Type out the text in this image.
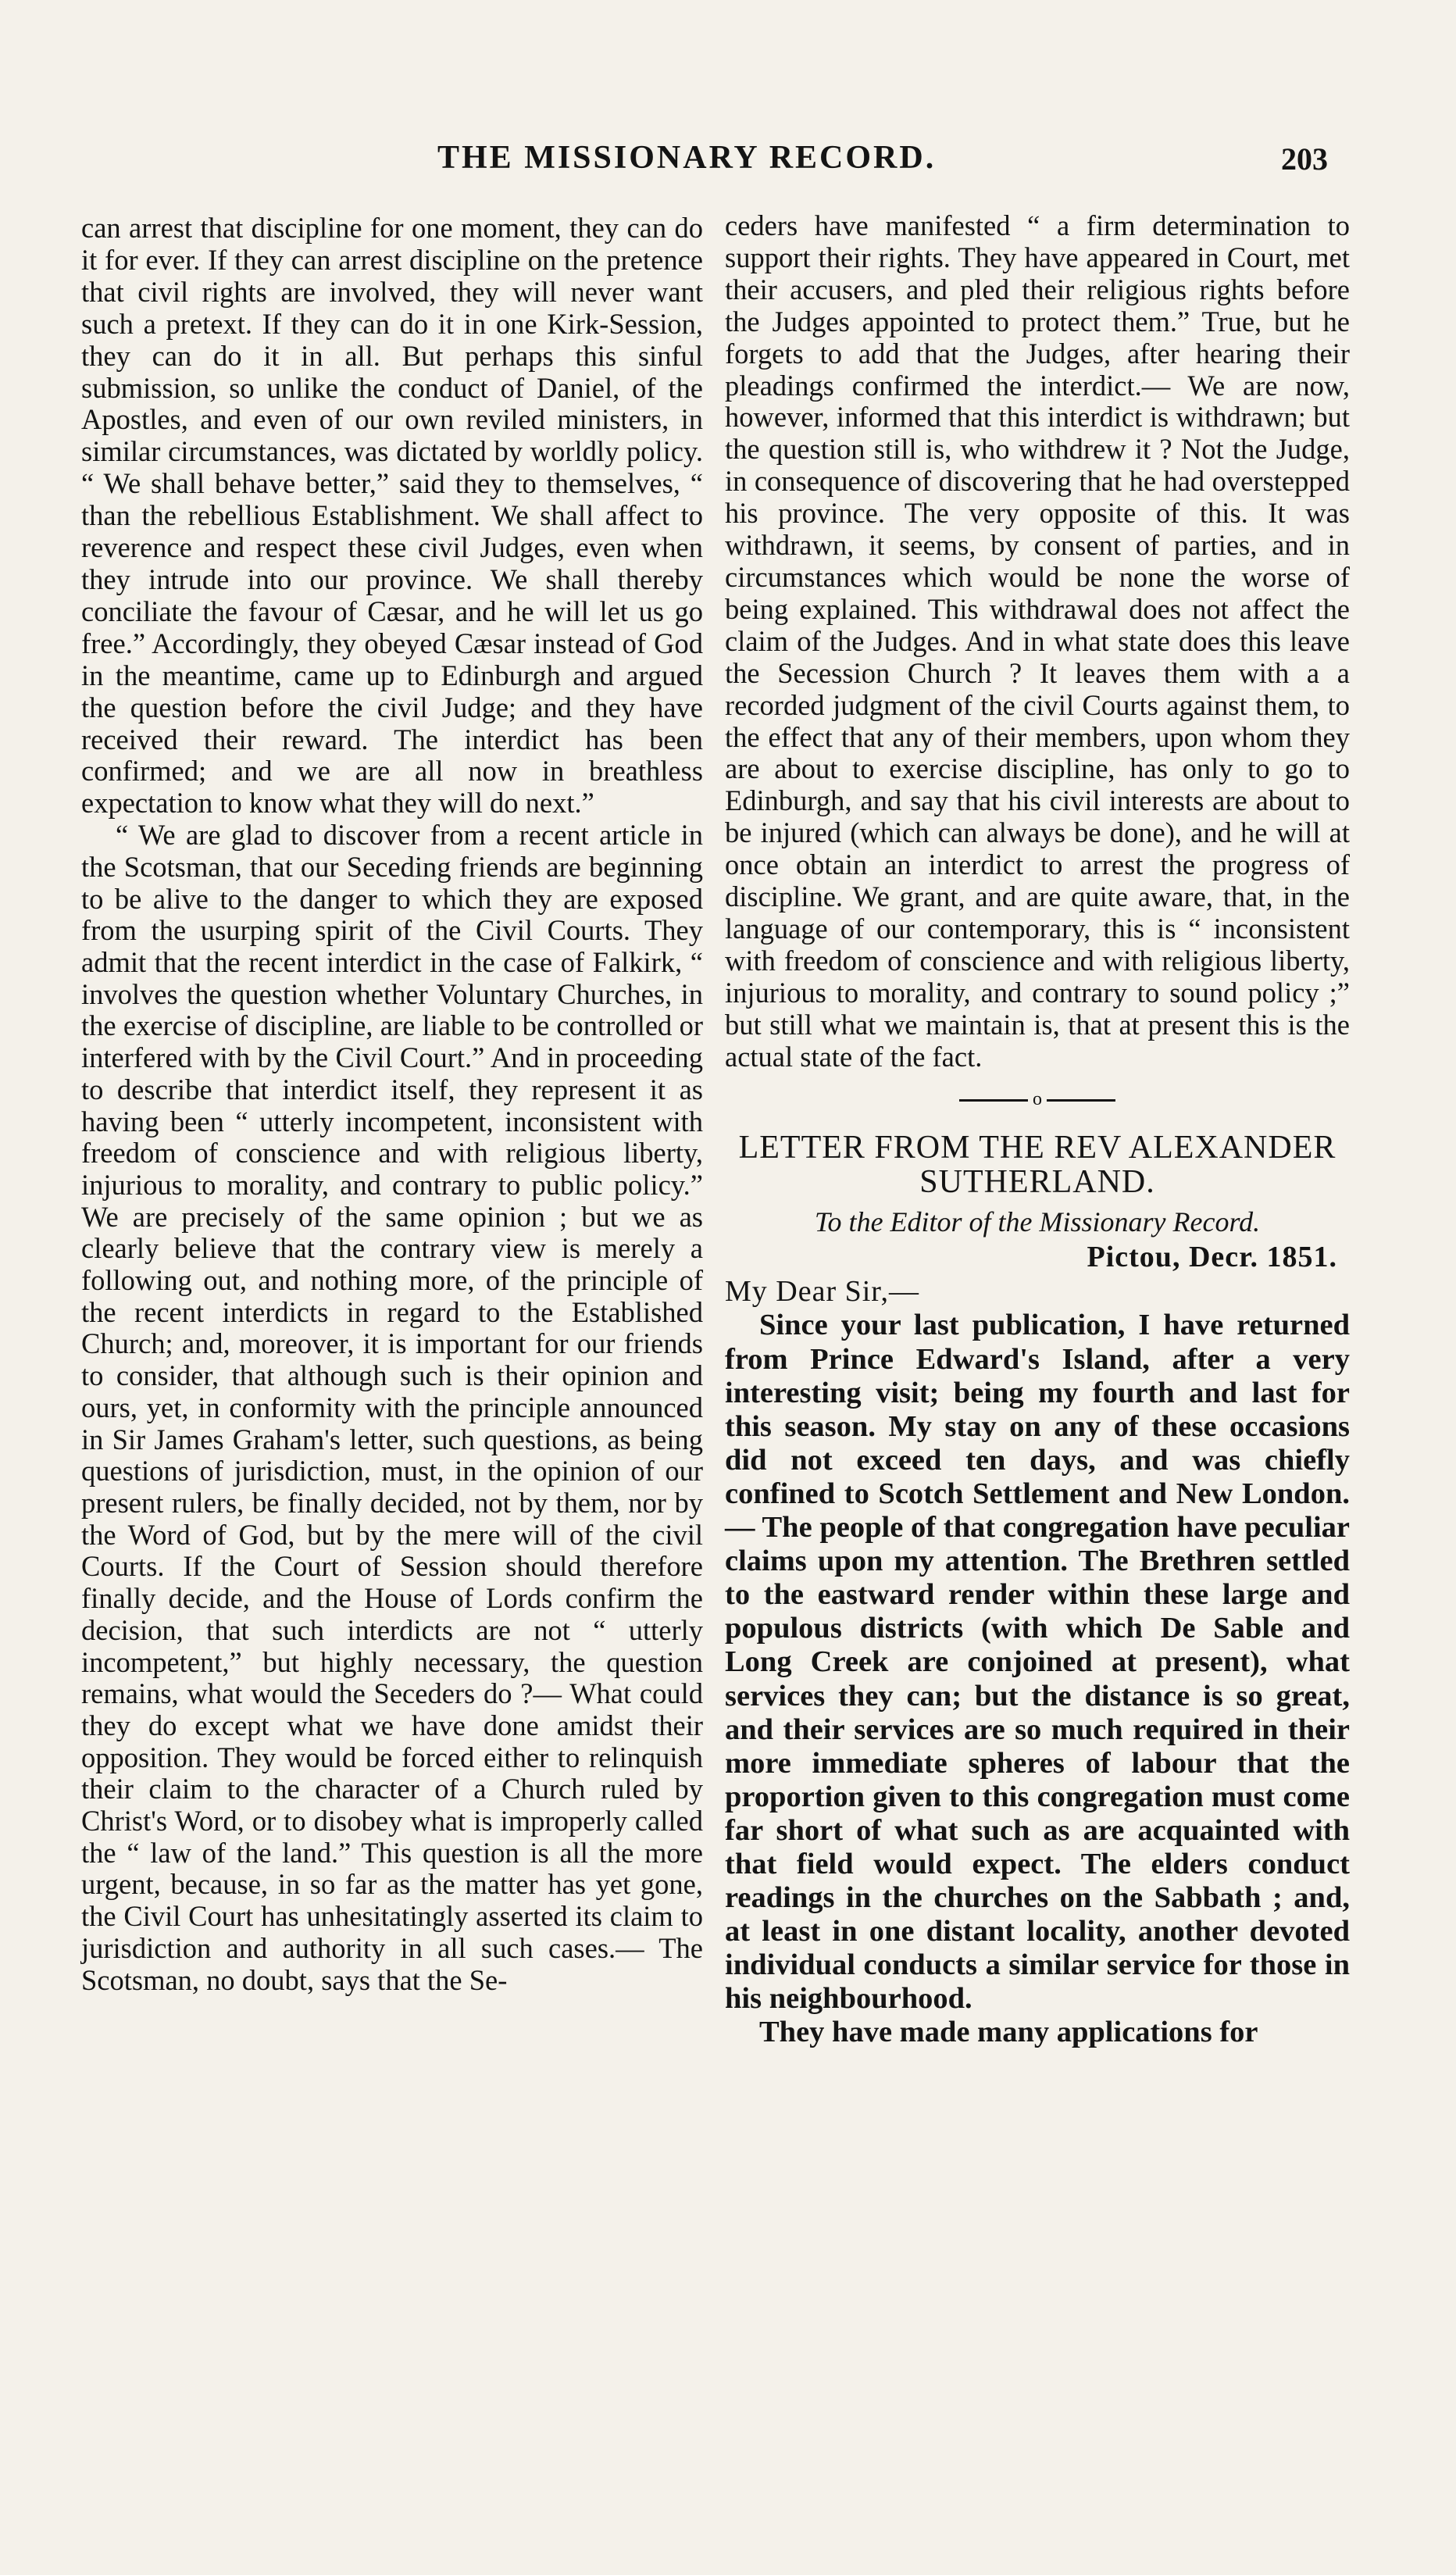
THE MISSIONARY RECORD.	203

can arrest that discipline for one moment, they can do it for ever. If they can arrest discipline on the pretence that civil rights are involved, they will never want such a pretext. If they can do it in one Kirk-Session, they can do it in all. But perhaps this sinful submission, so unlike the conduct of Daniel, of the Apostles, and even of our own reviled ministers, in similar circumstances, was dictated by worldly policy. “ We shall behave better,” said they to themselves, “ than the rebellious Establishment. We shall affect to reverence and respect these civil Judges, even when they intrude into our province. We shall thereby conciliate the favour of Cæsar, and he will let us go free.” Accordingly, they obeyed Cæsar instead of God in the meantime, came up to Edinburgh and argued the question before the civil Judge; and they have received their reward. The interdict has been confirmed; and we are all now in breathless expectation to know what they will do next.”

“ We are glad to discover from a recent article in the Scotsman, that our Seceding friends are beginning to be alive to the danger to which they are exposed from the usurping spirit of the Civil Courts. They admit that the recent interdict in the case of Falkirk, “ involves the question whether Voluntary Churches, in the exercise of discipline, are liable to be controlled or interfered with by the Civil Court.” And in proceeding to describe that interdict itself, they represent it as having been “ utterly incompetent, inconsistent with freedom of conscience and with religious liberty, injurious to morality, and contrary to public policy.” We are precisely of the same opinion ; but we as clearly believe that the contrary view is merely a following out, and nothing more, of the principle of the recent interdicts in regard to the Established Church; and, moreover, it is important for our friends to consider, that although such is their opinion and ours, yet, in conformity with the principle announced in Sir James Graham's letter, such questions, as being questions of jurisdiction, must, in the opinion of our present rulers, be finally decided, not by them, nor by the Word of God, but by the mere will of the civil Courts. If the Court of Session should therefore finally decide, and the House of Lords confirm the decision, that such interdicts are not “ utterly incompetent,” but highly necessary, the question remains, what would the Seceders do ?— What could they do except what we have done amidst their opposition. They would be forced either to relinquish their claim to the character of a Church ruled by Christ's Word, or to disobey what is improperly called the “ law of the land.” This question is all the more urgent, because, in so far as the matter has yet gone, the Civil Court has unhesitatingly asserted its claim to jurisdiction and authority in all such cases.— The Scotsman, no doubt, says that the Se-

ceders have manifested “ a firm determination to support their rights. They have appeared in Court, met their accusers, and pled their religious rights before the Judges appointed to protect them.” True, but he forgets to add that the Judges, after hearing their pleadings confirmed the interdict.— We are now, however, informed that this interdict is withdrawn; but the question still is, who withdrew it ? Not the Judge, in consequence of discovering that he had overstepped his province. The very opposite of this. It was withdrawn, it seems, by consent of parties, and in circumstances which would be none the worse of being explained. This withdrawal does not affect the claim of the Judges. And in what state does this leave the Secession Church ? It leaves them with a a recorded judgment of the civil Courts against them, to the effect that any of their members, upon whom they are about to exercise discipline, has only to go to Edinburgh, and say that his civil interests are about to be injured (which can always be done), and he will at once obtain an interdict to arrest the progress of discipline. We grant, and are quite aware, that, in the language of our contemporary, this is “ inconsistent with freedom of conscience and with religious liberty, injurious to morality, and contrary to sound policy ;” but still what we maintain is, that at present this is the actual state of the fact.

o
LETTER FROM THE REV ALEXANDER SUTHERLAND.
To the Editor of the Missionary Record.
Pictou, Decr. 1851.
My Dear Sir,—

Since your last publication, I have returned from Prince Edward's Island, after a very interesting visit; being my fourth and last for this season. My stay on any of these occasions did not exceed ten days, and was chiefly confined to Scotch Settlement and New London.— The people of that congregation have peculiar claims upon my attention. The Brethren settled to the eastward render within these large and populous districts (with which De Sable and Long Creek are conjoined at present), what services they can; but the distance is so great, and their services are so much required in their more immediate spheres of labour that the proportion given to this congregation must come far short of what such as are acquainted with that field would expect. The elders conduct readings in the churches on the Sabbath ; and, at least in one distant locality, another devoted individual conducts a similar service for those in his neighbourhood.

They have made many applications for
